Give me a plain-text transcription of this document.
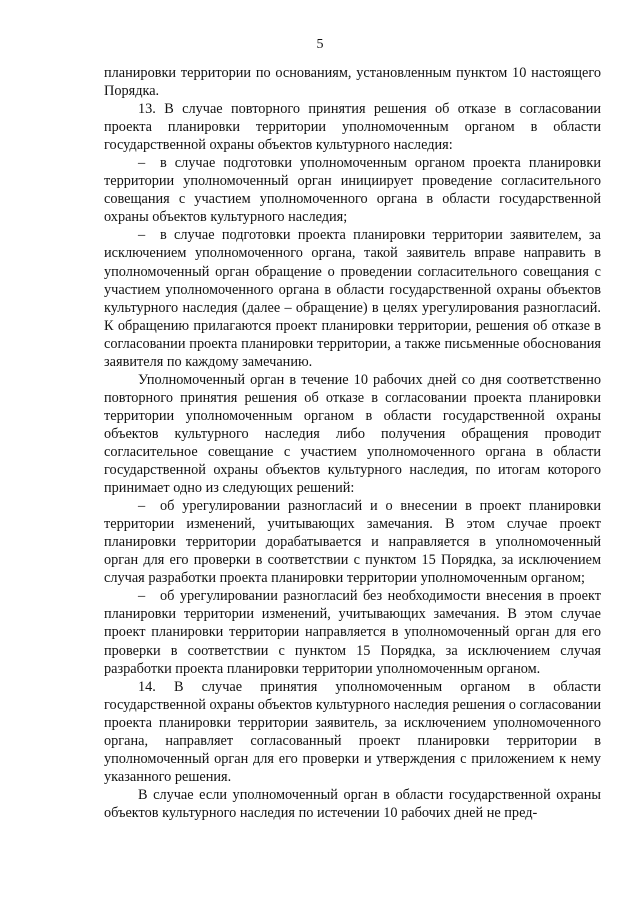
5

планировки территории по основаниям, установленным пунктом 10 настоящего Порядка.

13. В случае повторного принятия решения об отказе в согласовании проекта планировки территории уполномоченным органом в области государственной охраны объектов культурного наследия:

– в случае подготовки уполномоченным органом проекта планировки территории уполномоченный орган инициирует проведение согласительного совещания с участием уполномоченного органа в области государственной охраны объектов культурного наследия;

– в случае подготовки проекта планировки территории заявителем, за исключением уполномоченного органа, такой заявитель вправе направить в уполномоченный орган обращение о проведении согласительного совещания с участием уполномоченного органа в области государственной охраны объектов культурного наследия (далее – обращение) в целях урегулирования разногласий. К обращению прилагаются проект планировки территории, решения об отказе в согласовании проекта планировки территории, а также письменные обоснования заявителя по каждому замечанию.

Уполномоченный орган в течение 10 рабочих дней со дня соответственно повторного принятия решения об отказе в согласовании проекта планировки территории уполномоченным органом в области государственной охраны объектов культурного наследия либо получения обращения проводит согласительное совещание с участием уполномоченного органа в области государственной охраны объектов культурного наследия, по итогам которого принимает одно из следующих решений:

– об урегулировании разногласий и о внесении в проект планировки территории изменений, учитывающих замечания. В этом случае проект планировки территории дорабатывается и направляется в уполномоченный орган для его проверки в соответствии с пунктом 15 Порядка, за исключением случая разработки проекта планировки территории уполномоченным органом;

– об урегулировании разногласий без необходимости внесения в проект планировки территории изменений, учитывающих замечания. В этом случае проект планировки территории направляется в уполномоченный орган для его проверки в соответствии с пунктом 15 Порядка, за исключением случая разработки проекта планировки территории уполномоченным органом.

14. В случае принятия уполномоченным органом в области государственной охраны объектов культурного наследия решения о согласовании проекта планировки территории заявитель, за исключением уполномоченного органа, направляет согласованный проект планировки территории в уполномоченный орган для его проверки и утверждения с приложением к нему указанного решения.

В случае если уполномоченный орган в области государственной охраны объектов культурного наследия по истечении 10 рабочих дней не пред-
